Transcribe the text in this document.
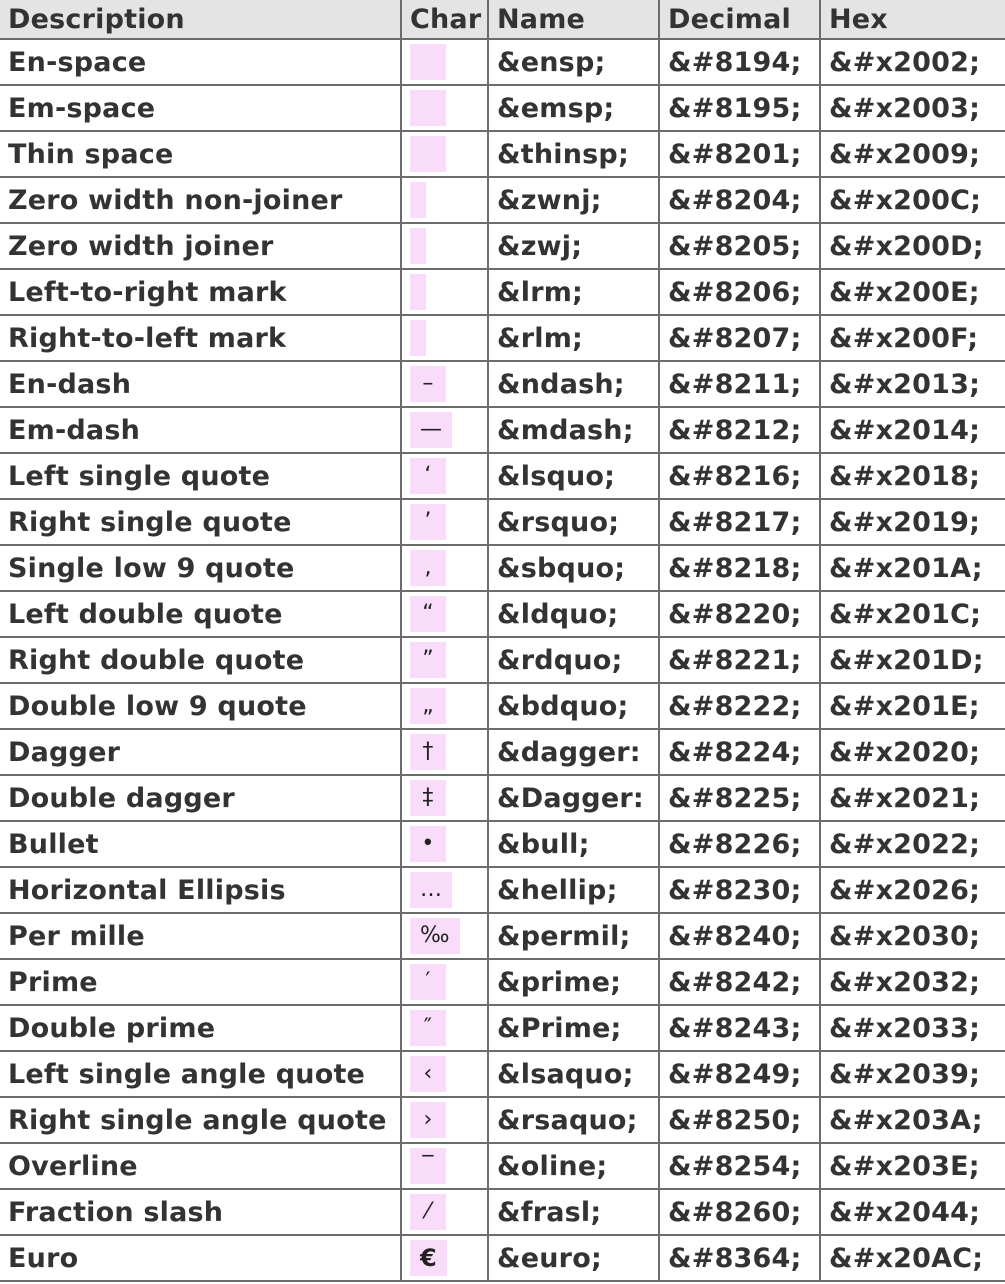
Description	Char	Name	Decimal	Hex
En-space		&ensp;	&#8194;	&#x2002;
Em-space		&emsp;	&#8195;	&#x2003;
Thin space		&thinsp;	&#8201;	&#x2009;
Zero width non-joiner		&zwnj;	&#8204;	&#x200C;
Zero width joiner		&zwj;	&#8205;	&#x200D;
Left-to-right mark		&lrm;	&#8206;	&#x200E;
Right-to-left mark		&rlm;	&#8207;	&#x200F;
En-dash	–	&ndash;	&#8211;	&#x2013;
Em-dash	—	&mdash;	&#8212;	&#x2014;
Left single quote	‘	&lsquo;	&#8216;	&#x2018;
Right single quote	’	&rsquo;	&#8217;	&#x2019;
Single low 9 quote	‚	&sbquo;	&#8218;	&#x201A;
Left double quote	“	&ldquo;	&#8220;	&#x201C;
Right double quote	”	&rdquo;	&#8221;	&#x201D;
Double low 9 quote	„	&bdquo;	&#8222;	&#x201E;
Dagger	†	&dagger:	&#8224;	&#x2020;
Double dagger	‡	&Dagger:	&#8225;	&#x2021;
Bullet	•	&bull;	&#8226;	&#x2022;
Horizontal Ellipsis	…	&hellip;	&#8230;	&#x2026;
Per mille	‰	&permil;	&#8240;	&#x2030;
Prime	′	&prime;	&#8242;	&#x2032;
Double prime	″	&Prime;	&#8243;	&#x2033;
Left single angle quote	‹	&lsaquo;	&#8249;	&#x2039;
Right single angle quote	›	&rsaquo;	&#8250;	&#x203A;
Overline	‾	&oline;	&#8254;	&#x203E;
Fraction slash	⁄	&frasl;	&#8260;	&#x2044;
Euro	€	&euro;	&#8364;	&#x20AC;
